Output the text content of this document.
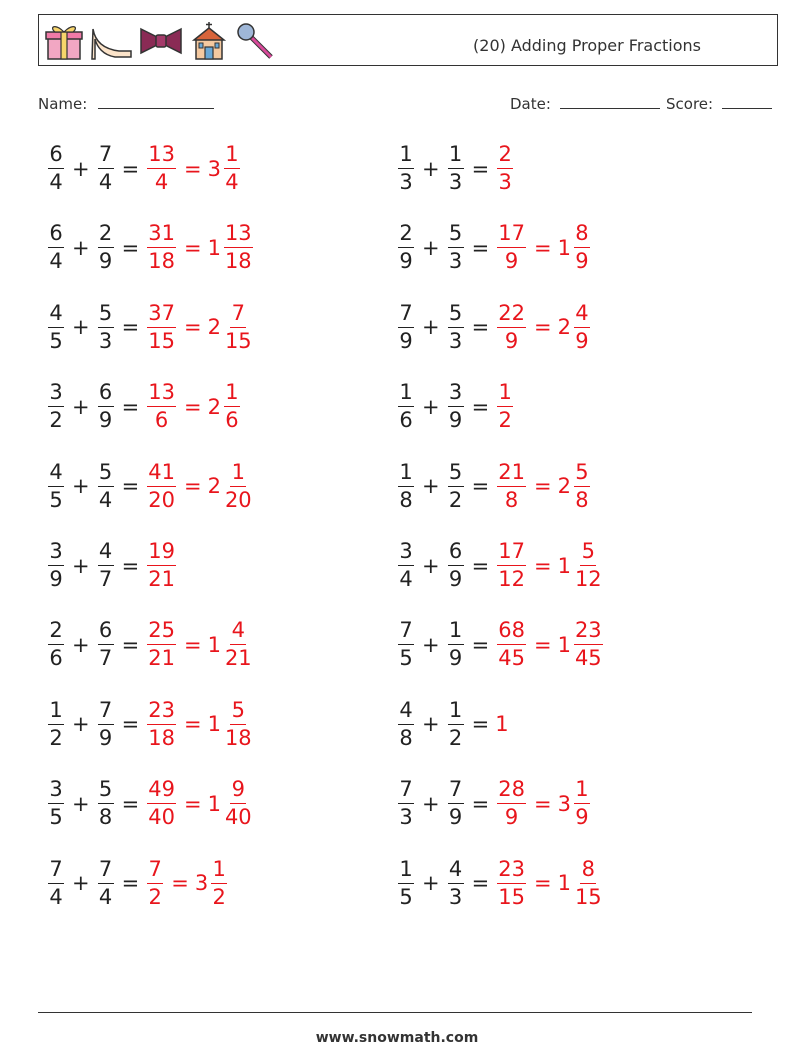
(20) Adding Proper Fractions
Name:	Date:	Score:
$\frac{6}{4} + \frac{7}{4} = \frac{13}{4} = 3 \frac{1}{4}$	$\frac{1}{3} + \frac{1}{3} = \frac{2}{3}$
$\frac{6}{4} + \frac{2}{9} = \frac{31}{18} = 1 \frac{13}{18}$	$\frac{2}{9} + \frac{5}{3} = \frac{17}{9} = 1 \frac{8}{9}$
$\frac{4}{5} + \frac{5}{3} = \frac{37}{15} = 2 \frac{7}{15}$	$\frac{7}{9} + \frac{5}{3} = \frac{22}{9} = 2 \frac{4}{9}$
$\frac{3}{2} + \frac{6}{9} = \frac{13}{6} = 2 \frac{1}{6}$	$\frac{1}{6} + \frac{3}{9} = \frac{1}{2}$
$\frac{4}{5} + \frac{5}{4} = \frac{41}{20} = 2 \frac{1}{20}$	$\frac{1}{8} + \frac{5}{2} = \frac{21}{8} = 2 \frac{5}{8}$
$\frac{3}{9} + \frac{4}{7} = \frac{19}{21}$	$\frac{3}{4} + \frac{6}{9} = \frac{17}{12} = 1 \frac{5}{12}$
$\frac{2}{6} + \frac{6}{7} = \frac{25}{21} = 1 \frac{4}{21}$	$\frac{7}{5} + \frac{1}{9} = \frac{68}{45} = 1 \frac{23}{45}$
$\frac{1}{2} + \frac{7}{9} = \frac{23}{18} = 1 \frac{5}{18}$	$\frac{4}{8} + \frac{1}{2} = 1$
$\frac{3}{5} + \frac{5}{8} = \frac{49}{40} = 1 \frac{9}{40}$	$\frac{7}{3} + \frac{7}{9} = \frac{28}{9} = 3 \frac{1}{9}$
$\frac{7}{4} + \frac{7}{4} = \frac{7}{2} = 3 \frac{1}{2}$	$\frac{1}{5} + \frac{4}{3} = \frac{23}{15} = 1 \frac{8}{15}$
www.snowmath.com
